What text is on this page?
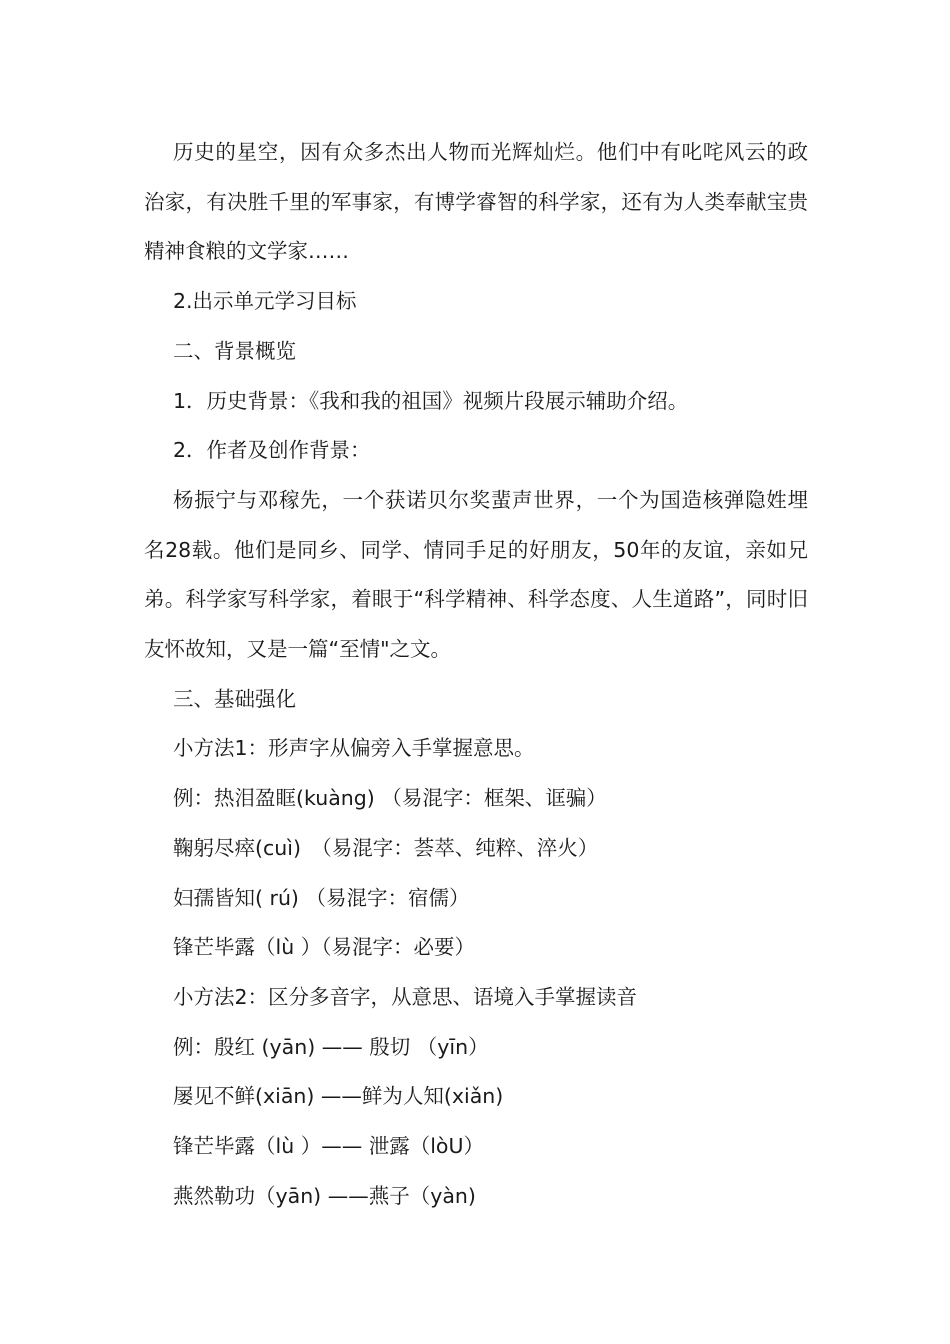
历史的星空，因有众多杰出人物而光辉灿烂。他们中有叱咤风云的政治家，有决胜千里的军事家，有博学睿智的科学家，还有为人类奉献宝贵精神食粮的文学家……

2.出示单元学习目标

二、背景概览

1．历史背景：《我和我的祖国》视频片段展示辅助介绍。

2．作者及创作背景：

杨振宁与邓稼先，一个获诺贝尔奖蜚声世界，一个为国造核弹隐姓埋名28载。他们是同乡、同学、情同手足的好朋友，50年的友谊，亲如兄弟。科学家写科学家，着眼于“科学精神、科学态度、人生道路”，同时旧友怀故知，又是一篇“至情"之文。

三、基础强化

小方法1：形声字从偏旁入手掌握意思。

例：热泪盈眶(kuàng) （易混字：框架、诓骗）

鞠躬尽瘁(cuì)　（易混字：荟萃、纯粹、淬火）

妇孺皆知( rú) （易混字：宿儒）

锋芒毕露（lù ）（易混字：必要）

小方法2：区分多音字，从意思、语境入手掌握读音

例：殷红 (yān) —— 殷切 （yīn）

屡见不鲜(xiān) ——鲜为人知(xiǎn)

锋芒毕露（lù ）—— 泄露（lòU）

燕然勒功（yān) ——燕子（yàn)
